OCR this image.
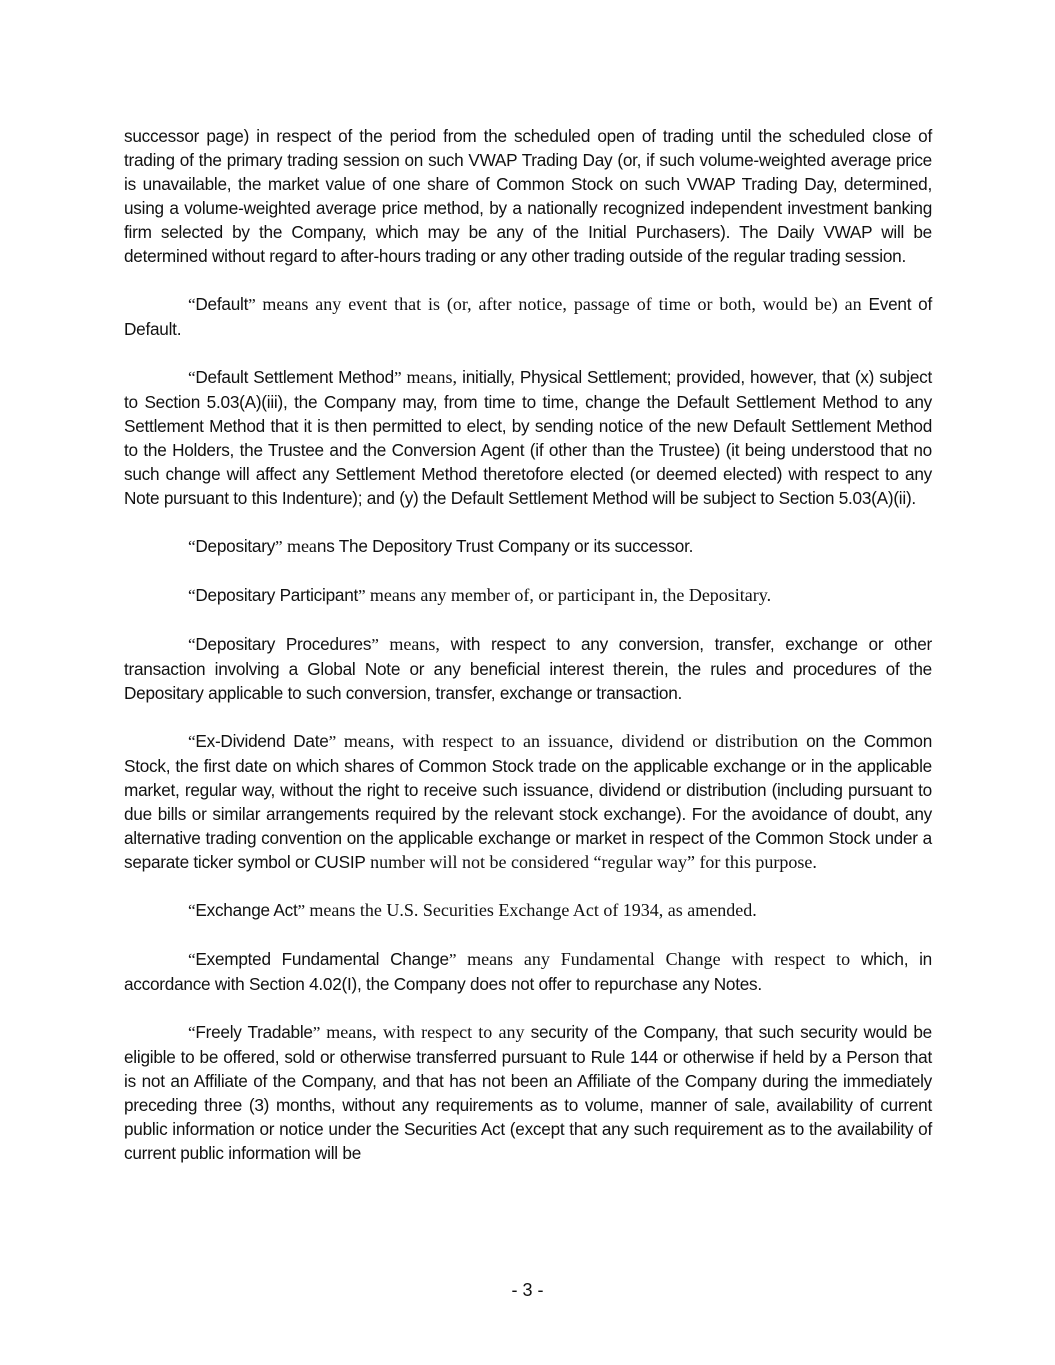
successor page) in respect of the period from the scheduled open of trading until the scheduled close of trading of the primary trading session on such VWAP Trading Day (or, if such volume-weighted average price is unavailable, the market value of one share of Common Stock on such VWAP Trading Day, determined, using a volume-weighted average price method, by a nationally recognized independent investment banking firm selected by the Company, which may be any of the Initial Purchasers). The Daily VWAP will be determined without regard to after-hours trading or any other trading outside of the regular trading session.

“Default” means any event that is (or, after notice, passage of time or both, would be) an Event of Default.

“Default Settlement Method” means, initially, Physical Settlement; provided, however, that (x) subject to Section 5.03(A)(iii), the Company may, from time to time, change the Default Settlement Method to any Settlement Method that it is then permitted to elect, by sending notice of the new Default Settlement Method to the Holders, the Trustee and the Conversion Agent (if other than the Trustee) (it being understood that no such change will affect any Settlement Method theretofore elected (or deemed elected) with respect to any Note pursuant to this Indenture); and (y) the Default Settlement Method will be subject to Section 5.03(A)(ii).

“Depositary” means The Depository Trust Company or its successor.

“Depositary Participant” means any member of, or participant in, the Depositary.

“Depositary Procedures” means, with respect to any conversion, transfer, exchange or other transaction involving a Global Note or any beneficial interest therein, the rules and procedures of the Depositary applicable to such conversion, transfer, exchange or transaction.

“Ex-Dividend Date” means, with respect to an issuance, dividend or distribution on the Common Stock, the first date on which shares of Common Stock trade on the applicable exchange or in the applicable market, regular way, without the right to receive such issuance, dividend or distribution (including pursuant to due bills or similar arrangements required by the relevant stock exchange). For the avoidance of doubt, any alternative trading convention on the applicable exchange or market in respect of the Common Stock under a separate ticker symbol or CUSIP number will not be considered “regular way” for this purpose.

“Exchange Act” means the U.S. Securities Exchange Act of 1934, as amended.

“Exempted Fundamental Change” means any Fundamental Change with respect to which, in accordance with Section 4.02(I), the Company does not offer to repurchase any Notes.

“Freely Tradable” means, with respect to any security of the Company, that such security would be eligible to be offered, sold or otherwise transferred pursuant to Rule 144 or otherwise if held by a Person that is not an Affiliate of the Company, and that has not been an Affiliate of the Company during the immediately preceding three (3) months, without any requirements as to volume, manner of sale, availability of current public information or notice under the Securities Act (except that any such requirement as to the availability of current public information will be

- 3 -
